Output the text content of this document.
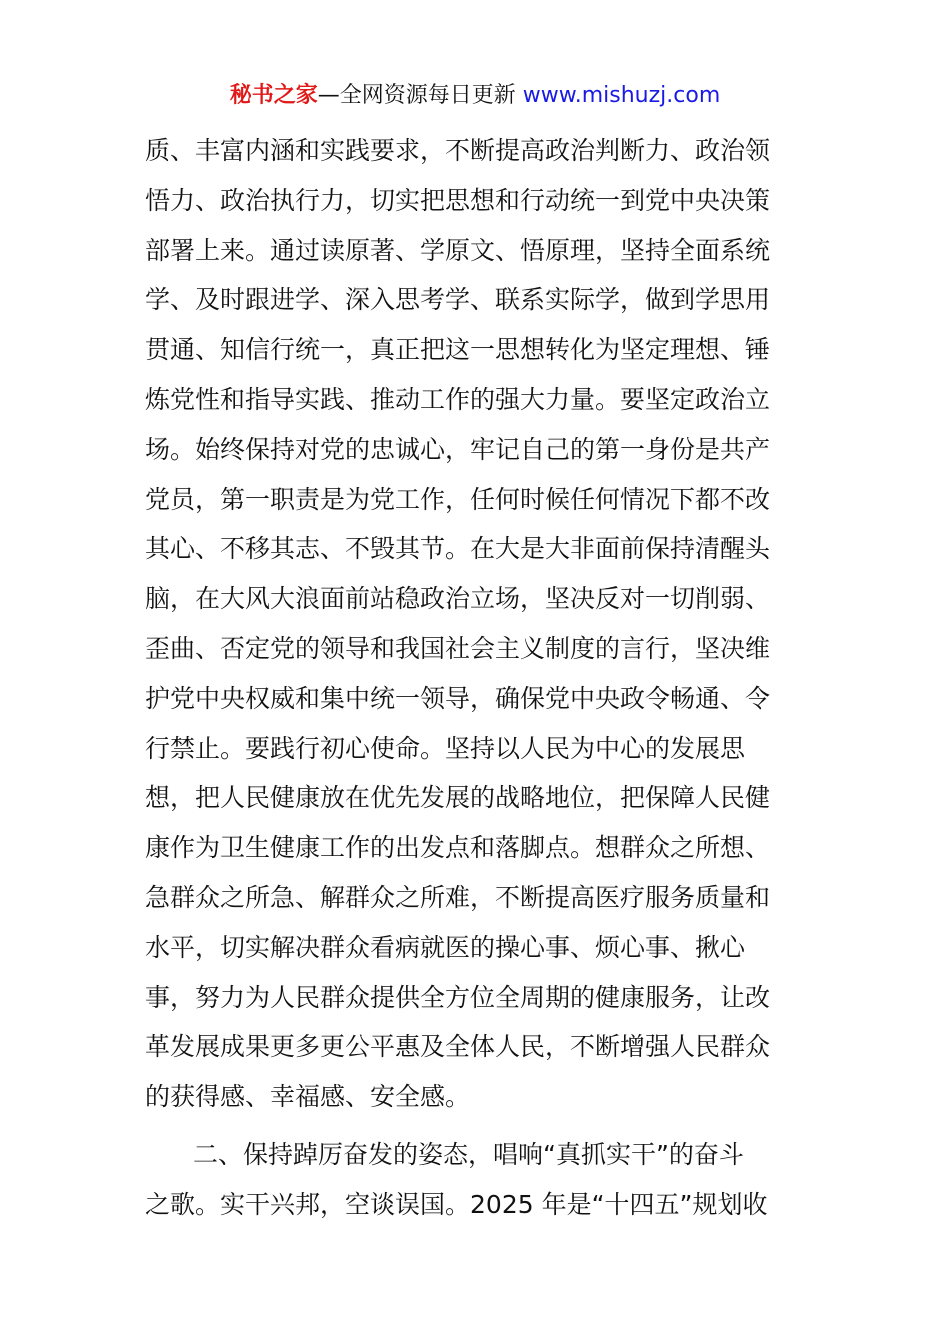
秘书之家—全网资源每日更新 www.mishuzj.com
质、丰富内涵和实践要求，不断提高政治判断力、政治领
悟力、政治执行力，切实把思想和行动统一到党中央决策
部署上来。通过读原著、学原文、悟原理，坚持全面系统
学、及时跟进学、深入思考学、联系实际学，做到学思用
贯通、知信行统一，真正把这一思想转化为坚定理想、锤
炼党性和指导实践、推动工作的强大力量。要坚定政治立
场。始终保持对党的忠诚心，牢记自己的第一身份是共产
党员，第一职责是为党工作，任何时候任何情况下都不改
其心、不移其志、不毁其节。在大是大非面前保持清醒头
脑，在大风大浪面前站稳政治立场，坚决反对一切削弱、
歪曲、否定党的领导和我国社会主义制度的言行，坚决维
护党中央权威和集中统一领导，确保党中央政令畅通、令
行禁止。要践行初心使命。坚持以人民为中心的发展思
想，把人民健康放在优先发展的战略地位，把保障人民健
康作为卫生健康工作的出发点和落脚点。想群众之所想、
急群众之所急、解群众之所难，不断提高医疗服务质量和
水平，切实解决群众看病就医的操心事、烦心事、揪心
事，努力为人民群众提供全方位全周期的健康服务，让改
革发展成果更多更公平惠及全体人民，不断增强人民群众
的获得感、幸福感、安全感。
二、保持踔厉奋发的姿态，唱响“真抓实干”的奋斗
之歌。实干兴邦，空谈误国。2025 年是“十四五”规划收
